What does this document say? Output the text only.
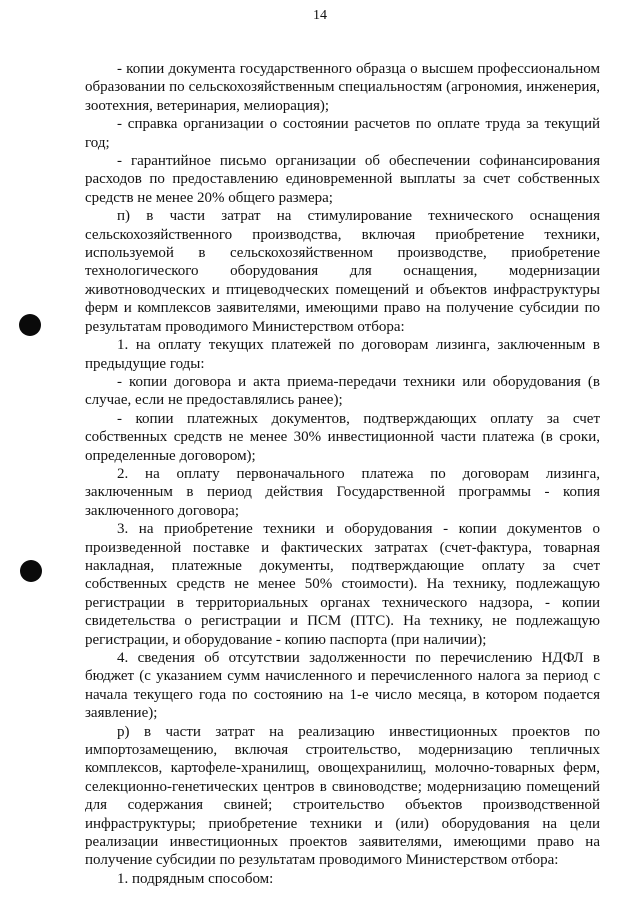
14

- копии документа государственного образца о высшем профессиональном образовании по сельскохозяйственным специальностям (агрономия, инженерия, зоотехния, ветеринария, мелиорация);

- справка организации о состоянии расчетов по оплате труда за текущий год;

- гарантийное письмо организации об обеспечении софинансирования расходов по предоставлению единовременной выплаты за счет собственных средств не менее 20% общего размера;

п) в части затрат на стимулирование технического оснащения сельскохозяйственного производства, включая приобретение техники, используемой в сельскохозяйственном производстве, приобретение технологического оборудования для оснащения, модернизации животноводческих и птицеводческих помещений и объектов инфраструктуры ферм и комплексов заявителями, имеющими право на получение субсидии по результатам проводимого Министерством отбора:

1. на оплату текущих платежей по договорам лизинга, заключенным в предыдущие годы:

- копии договора и акта приема-передачи техники или оборудования (в случае, если не предоставлялись ранее);

- копии платежных документов, подтверждающих оплату за счет собственных средств не менее 30% инвестиционной части платежа (в сроки, определенные договором);

2. на оплату первоначального платежа по договорам лизинга, заключенным в период действия Государственной программы - копия заключенного договора;

3. на приобретение техники и оборудования - копии документов о произведенной поставке и фактических затратах (счет-фактура, товарная накладная, платежные документы, подтверждающие оплату за счет собственных средств не менее 50% стоимости). На технику, подлежащую регистрации в территориальных органах технического надзора, - копии свидетельства о регистрации и ПСМ (ПТС). На технику, не подлежащую регистрации, и оборудование - копию паспорта (при наличии);

4. сведения об отсутствии задолженности по перечислению НДФЛ в бюджет (с указанием сумм начисленного и перечисленного налога за период с начала текущего года по состоянию на 1-е число месяца, в котором подается заявление);

р) в части затрат на реализацию инвестиционных проектов по импортозамещению, включая строительство, модернизацию тепличных комплексов, картофеле-хранилищ, овощехранилищ, молочно-товарных ферм, селекционно-генетических центров в свиноводстве; модернизацию помещений для содержания свиней; строительство объектов производственной инфраструктуры; приобретение техники и (или) оборудования на цели реализации инвестиционных проектов заявителями, имеющими право на получение субсидии по результатам проводимого Министерством отбора:

1. подрядным способом:
